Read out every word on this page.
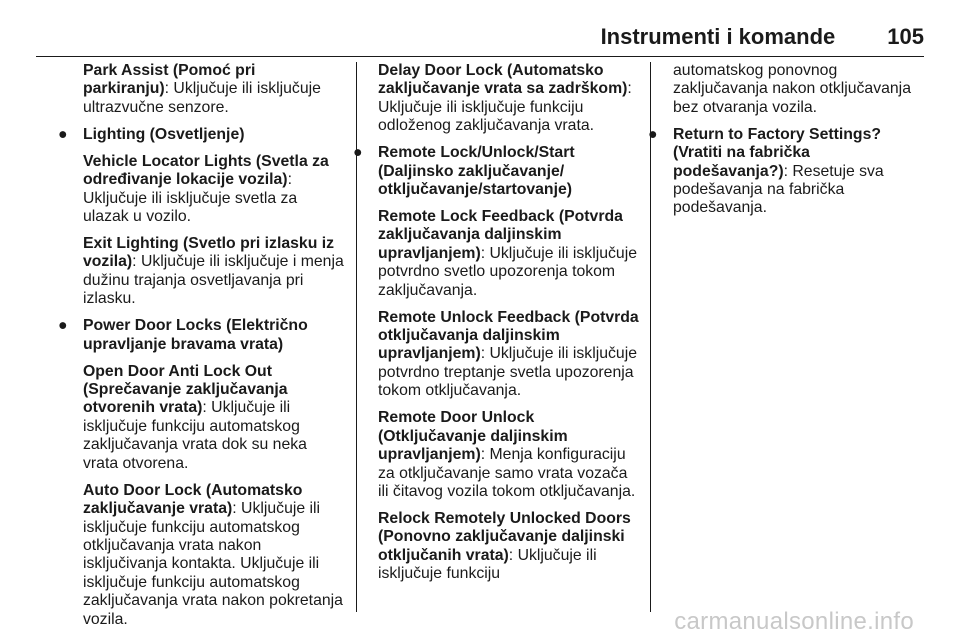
Instrumenti i komande 105

Park Assist (Pomoć pri parkiranju): Uključuje ili isključuje ultrazvučne senzore.

● Lighting (Osvetljenje)

Vehicle Locator Lights (Svetla za određivanje lokacije vozila): Uključuje ili isključuje svetla za ulazak u vozilo.

Exit Lighting (Svetlo pri izlasku iz vozila): Uključuje ili isključuje i menja dužinu trajanja osvetljavanja pri izlasku.

● Power Door Locks (Električno upravljanje bravama vrata)

Open Door Anti Lock Out (Sprečavanje zaključavanja otvorenih vrata): Uključuje ili isključuje funkciju automatskog zaključavanja vrata dok su neka vrata otvorena.

Auto Door Lock (Automatsko zaključavanje vrata): Uključuje ili isključuje funkciju automatskog otključavanja vrata nakon isključivanja kontakta. Uključuje ili isključuje funkciju automatskog zaključavanja vrata nakon pokretanja vozila.

Delay Door Lock (Automatsko zaključavanje vrata sa zadrškom): Uključuje ili isključuje funkciju odloženog zaključavanja vrata.

● Remote Lock/Unlock/Start (Daljinsko zaključavanje/ otključavanje/startovanje)

Remote Lock Feedback (Potvrda zaključavanja daljinskim upravljanjem): Uključuje ili isključuje potvrdno svetlo upozorenja tokom zaključavanja.

Remote Unlock Feedback (Potvrda otključavanja daljinskim upravljanjem): Uključuje ili isključuje potvrdno treptanje svetla upozorenja tokom otključavanja.

Remote Door Unlock (Otključavanje daljinskim upravljanjem): Menja konfiguraciju za otključavanje samo vrata vozača ili čitavog vozila tokom otključavanja.

Relock Remotely Unlocked Doors (Ponovno zaključavanje daljinski otključanih vrata): Uključuje ili isključuje funkciju

automatskog ponovnog zaključavanja nakon otključavanja bez otvaranja vozila.

● Return to Factory Settings? (Vratiti na fabrička podešavanja?): Resetuje sva podešavanja na fabrička podešavanja.

carmanualsonline.info
